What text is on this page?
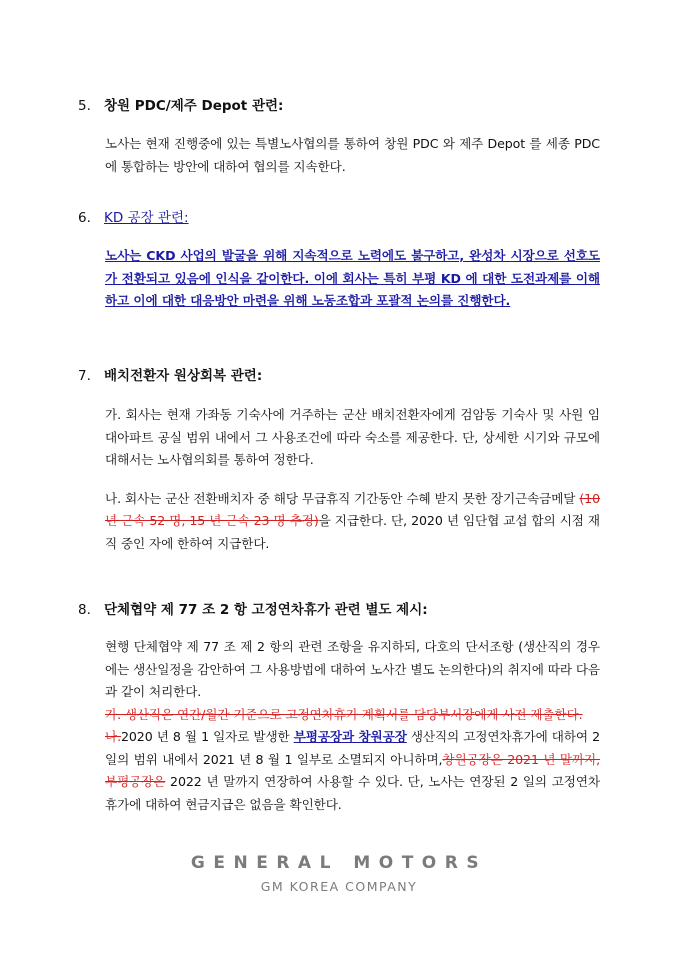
5. 창원 PDC/제주 Depot 관련:

노사는 현재 진행중에 있는 특별노사협의를 통하여 창원 PDC 와 제주 Depot 를 세종 PDC 에 통합하는 방안에 대하여 협의를 지속한다.

6. KD 공장 관련:

노사는 CKD 사업의 발굴을 위해 지속적으로 노력에도 불구하고, 완성차 시장으로 선호도가 전환되고 있음에 인식을 같이한다. 이에 회사는 특히 부평 KD 에 대한 도전과제를 이해하고 이에 대한 대응방안 마련을 위해 노동조합과 포괄적 논의를 진행한다.

7. 배치전환자 원상회복 관련:

가. 회사는 현재 가좌동 기숙사에 거주하는 군산 배치전환자에게 검암동 기숙사 및 사원 임대아파트 공실 범위 내에서 그 사용조건에 따라 숙소를 제공한다. 단, 상세한 시기와 규모에 대해서는 노사협의회를 통하여 정한다.

나. 회사는 군산 전환배치자 중 해당 무급휴직 기간동안 수혜 받지 못한 장기근속금메달 (10 년 근속 52 명, 15 년 근속 23 명 추정)을 지급한다. 단, 2020 년 임단협 교섭 합의 시점 재직 중인 자에 한하여 지급한다.

8. 단체협약 제 77 조 2 항 고정연차휴가 관련 별도 제시:

현행 단체협약 제 77 조 제 2 항의 관련 조항을 유지하되, 다호의 단서조항 (생산직의 경우에는 생산일정을 감안하여 그 사용방법에 대하여 노사간 별도 논의한다)의 취지에 따라 다음과 같이 처리한다.

가. 생산직은 연간/월간 기준으로 고정연차휴가 계획서를 담당부서장에게 사전 제출한다.

나.2020 년 8 월 1 일자로 발생한 부평공장과 창원공장 생산직의 고정연차휴가에 대하여 2 일의 범위 내에서 2021 년 8 월 1 일부로 소멸되지 아니하며,창원공장은 2021 년 말까지, 부평공장은 2022 년 말까지 연장하여 사용할 수 있다. 단, 노사는 연장된 2 일의 고정연차휴가에 대하여 현금지급은 없음을 확인한다.

GENERAL MOTORS
GM KOREA COMPANY
